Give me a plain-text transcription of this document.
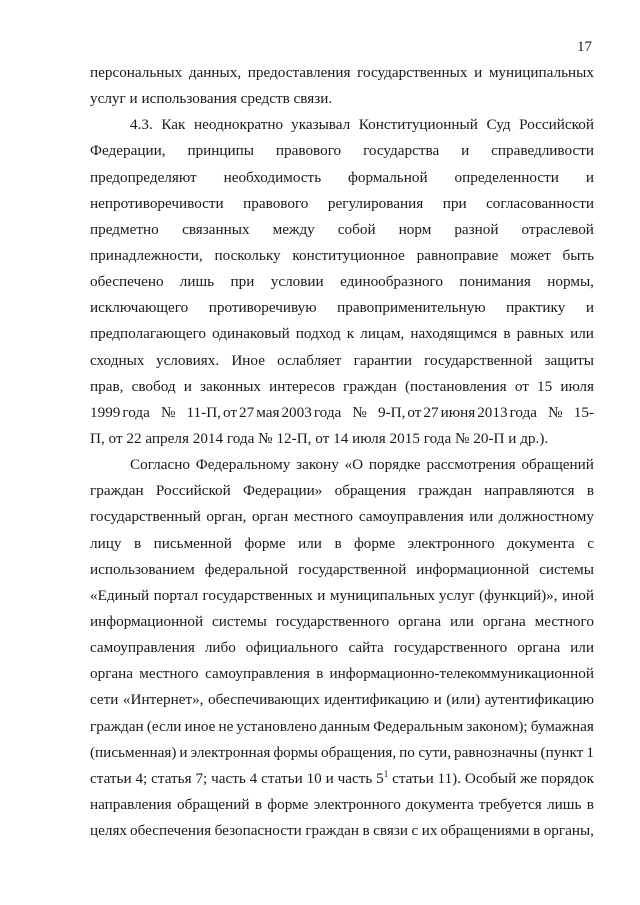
17
персональных данных, предоставления государственных и муниципальных
услуг и использования средств связи.
4.3. Как неоднократно указывал Конституционный Суд Российской
Федерации, принципы правового государства и справедливости
предопределяют необходимость формальной определенности и
непротиворечивости правового регулирования при согласованности
предметно связанных между собой норм разной отраслевой
принадлежности, поскольку конституционное равноправие может быть
обеспечено лишь при условии единообразного понимания нормы,
исключающего противоречивую правоприменительную практику и
предполагающего одинаковый подход к лицам, находящимся в равных или
сходных условиях. Иное ослабляет гарантии государственной защиты
прав, свобод и законных интересов граждан (постановления от 15 июля
1999 года № 11-П, от 27 мая 2003 года № 9-П, от 27 июня 2013 года № 15-
П, от 22 апреля 2014 года № 12-П, от 14 июля 2015 года № 20-П и др.).
Согласно Федеральному закону «О порядке рассмотрения обращений
граждан Российской Федерации» обращения граждан направляются в
государственный орган, орган местного самоуправления или должностному
лицу в письменной форме или в форме электронного документа с
использованием федеральной государственной информационной системы
«Единый портал государственных и муниципальных услуг (функций)», иной
информационной системы государственного органа или органа местного
самоуправления либо официального сайта государственного органа или
органа местного самоуправления в информационно-телекоммуникационной
сети «Интернет», обеспечивающих идентификацию и (или) аутентификацию
граждан (если иное не установлено данным Федеральным законом); бумажная
(письменная) и электронная формы обращения, по сути, равнозначны (пункт 1
статьи 4; статья 7; часть 4 статьи 10 и часть $5^1$ статьи 11). Особый же порядок
направления обращений в форме электронного документа требуется лишь в
целях обеспечения безопасности граждан в связи с их обращениями в органы,
